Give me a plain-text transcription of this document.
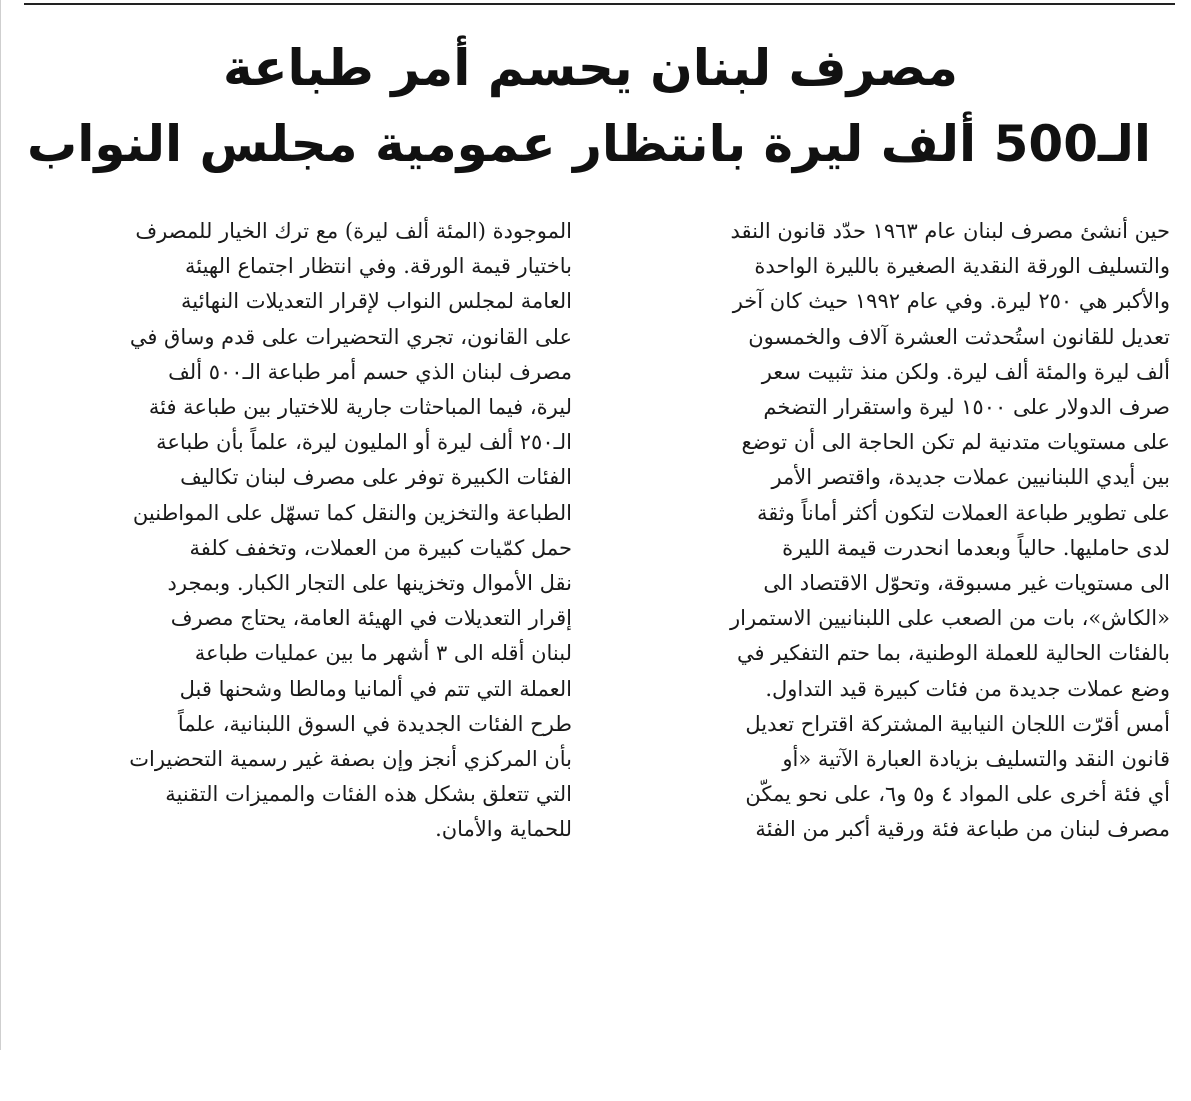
مصرف لبنان يحسم أمر طباعة
الـ500 ألف ليرة بانتظار عمومية مجلس النواب
حين أنشئ مصرف لبنان عام ١٩٦٣ حدّد قانون النقد
والتسليف الورقة النقدية الصغيرة بالليرة الواحدة
والأكبر هي ٢٥٠ ليرة. وفي عام ١٩٩٢ حيث كان آخر
تعديل للقانون استُحدثت العشرة آلاف والخمسون
ألف ليرة والمئة ألف ليرة. ولكن منذ تثبيت سعر
صرف الدولار على ١٥٠٠ ليرة واستقرار التضخم
على مستويات متدنية لم تكن الحاجة الى أن توضع
بين أيدي اللبنانيين عملات جديدة، واقتصر الأمر
على تطوير طباعة العملات لتكون أكثر أماناً وثقة
لدى حامليها. حالياً وبعدما انحدرت قيمة الليرة
الى مستويات غير مسبوقة، وتحوّل الاقتصاد الى
«الكاش»، بات من الصعب على اللبنانيين الاستمرار
بالفئات الحالية للعملة الوطنية، بما حتم التفكير في
وضع عملات جديدة من فئات كبيرة قيد التداول.
أمس أقرّت اللجان النيابية المشتركة اقتراح تعديل
قانون النقد والتسليف بزيادة العبارة الآتية «أو
أي فئة أخرى على المواد ٤ و٥ و٦، على نحو يمكّن
مصرف لبنان من طباعة فئة ورقية أكبر من الفئة
الموجودة (المئة ألف ليرة) مع ترك الخيار للمصرف
باختيار قيمة الورقة. وفي انتظار اجتماع الهيئة
العامة لمجلس النواب لإقرار التعديلات النهائية
على القانون، تجري التحضيرات على قدم وساق في
مصرف لبنان الذي حسم أمر طباعة الـ٥٠٠ ألف
ليرة، فيما المباحثات جارية للاختيار بين طباعة فئة
الـ٢٥٠ ألف ليرة أو المليون ليرة، علماً بأن طباعة
الفئات الكبيرة توفر على مصرف لبنان تكاليف
الطباعة والتخزين والنقل كما تسهّل على المواطنين
حمل كمّيات كبيرة من العملات، وتخفف كلفة
نقل الأموال وتخزينها على التجار الكبار. وبمجرد
إقرار التعديلات في الهيئة العامة، يحتاج مصرف
لبنان أقله الى ٣ أشهر ما بين عمليات طباعة
العملة التي تتم في ألمانيا ومالطا وشحنها قبل
طرح الفئات الجديدة في السوق اللبنانية، علماً
بأن المركزي أنجز وإن بصفة غير رسمية التحضيرات
التي تتعلق بشكل هذه الفئات والمميزات التقنية
للحماية والأمان.
